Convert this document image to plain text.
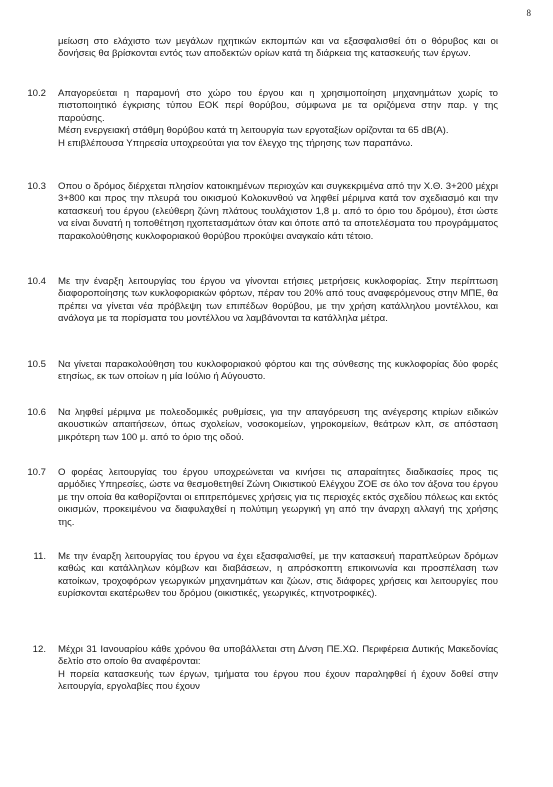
8

μείωση στο ελάχιστο των μεγάλων ηχητικών εκπομπών και να εξασφαλισθεί ότι ο θόρυβος και οι δονήσεις θα βρίσκονται εντός των αποδεκτών ορίων κατά τη διάρκεια της κατασκευής των έργων.

10.2 Απαγορεύεται η παραμονή στο χώρο του έργου και η χρησιμοποίηση μηχανημάτων χωρίς το πιστοποιητικό έγκρισης τύπου ΕΟΚ περί θορύβου, σύμφωνα με τα οριζόμενα στην παρ. γ της παρούσης.

Μέση ενεργειακή στάθμη θορύβου κατά τη λειτουργία των εργοταξίων ορίζονται τα 65 dB(A).

Η επιβλέπουσα Υπηρεσία υποχρεούται για τον έλεγχο της τήρησης των παραπάνω.

10.3 Οπου ο δρόμος διέρχεται πλησίον κατοικημένων περιοχών και συγκεκριμένα από την Χ.Θ. 3+200 μέχρι 3+800 και προς την πλευρά του οικισμού Κολοκυνθού να ληφθεί μέριμνα κατά τον σχεδιασμό και την κατασκευή του έργου (ελεύθερη ζώνη πλάτους τουλάχιστον 1,8 μ. από το όριο του δρόμου), έτσι ώστε να είναι δυνατή η τοποθέτηση ηχοπετασμάτων όταν και όποτε από τα αποτελέσματα του προγράμματος παρακολούθησης κυκλοφοριακού θορύβου προκύψει αναγκαίο κάτι τέτοιο.

10.4 Με την έναρξη λειτουργίας του έργου να γίνονται ετήσιες μετρήσεις κυκλοφορίας. Στην περίπτωση διαφοροποίησης των κυκλοφοριακών φόρτων, πέραν του 20% από τους αναφερόμενους στην ΜΠΕ, θα πρέπει να γίνεται νέα πρόβλεψη των επιπέδων θορύβου, με την χρήση κατάλληλου μοντέλλου, και ανάλογα με τα πορίσματα του μοντέλλου να λαμβάνονται τα κατάλληλα μέτρα.

10.5 Να γίνεται παρακολούθηση του κυκλοφοριακού φόρτου και της σύνθεσης της κυκλοφορίας δύο φορές ετησίως, εκ των οποίων η μία Ιούλιο ή Αύγουστο.

10.6 Να ληφθεί μέριμνα με πολεοδομικές ρυθμίσεις, για την απαγόρευση της ανέγερσης κτιρίων ειδικών ακουστικών απαιτήσεων, όπως σχολείων, νοσοκομείων, γηροκομείων, θεάτρων κλπ, σε απόσταση μικρότερη των 100 μ. από το όριο της οδού.

10.7 Ο φορέας λειτουργίας του έργου υποχρεώνεται να κινήσει τις απαραίτητες διαδικασίες προς τις αρμόδιες Υπηρεσίες, ώστε να θεσμοθετηθεί Ζώνη Οικιστικού Ελέγχου ΖΟΕ σε όλο τον άξονα του έργου με την οποία θα καθορίζονται οι επιτρεπόμενες χρήσεις για τις περιοχές εκτός σχεδίου πόλεως και εκτός οικισμών, προκειμένου να διαφυλαχθεί η πολύτιμη γεωργική γη από την άναρχη αλλαγή της χρήσης της.

11. Με την έναρξη λειτουργίας του έργου να έχει εξασφαλισθεί, με την κατασκευή παραπλεύρων δρόμων καθώς και κατάλληλων κόμβων και διαβάσεων, η απρόσκοπτη επικοινωνία και προσπέλαση των κατοίκων, τροχοφόρων γεωργικών μηχανημάτων και ζώων, στις διάφορες χρήσεις και λειτουργίες που ευρίσκονται εκατέρωθεν του δρόμου (οικιστικές, γεωργικές, κτηνοτροφικές).

12. Μέχρι 31 Ιανουαρίου κάθε χρόνου θα υποβάλλεται στη Δ/νση ΠΕ.ΧΩ. Περιφέρεια Δυτικής Μακεδονίας δελτίο στο οποίο θα αναφέρονται:

Η πορεία κατασκευής των έργων, τμήματα του έργου που έχουν παραληφθεί ή έχουν δοθεί στην λειτουργία, εργολαβίες που έχουν
